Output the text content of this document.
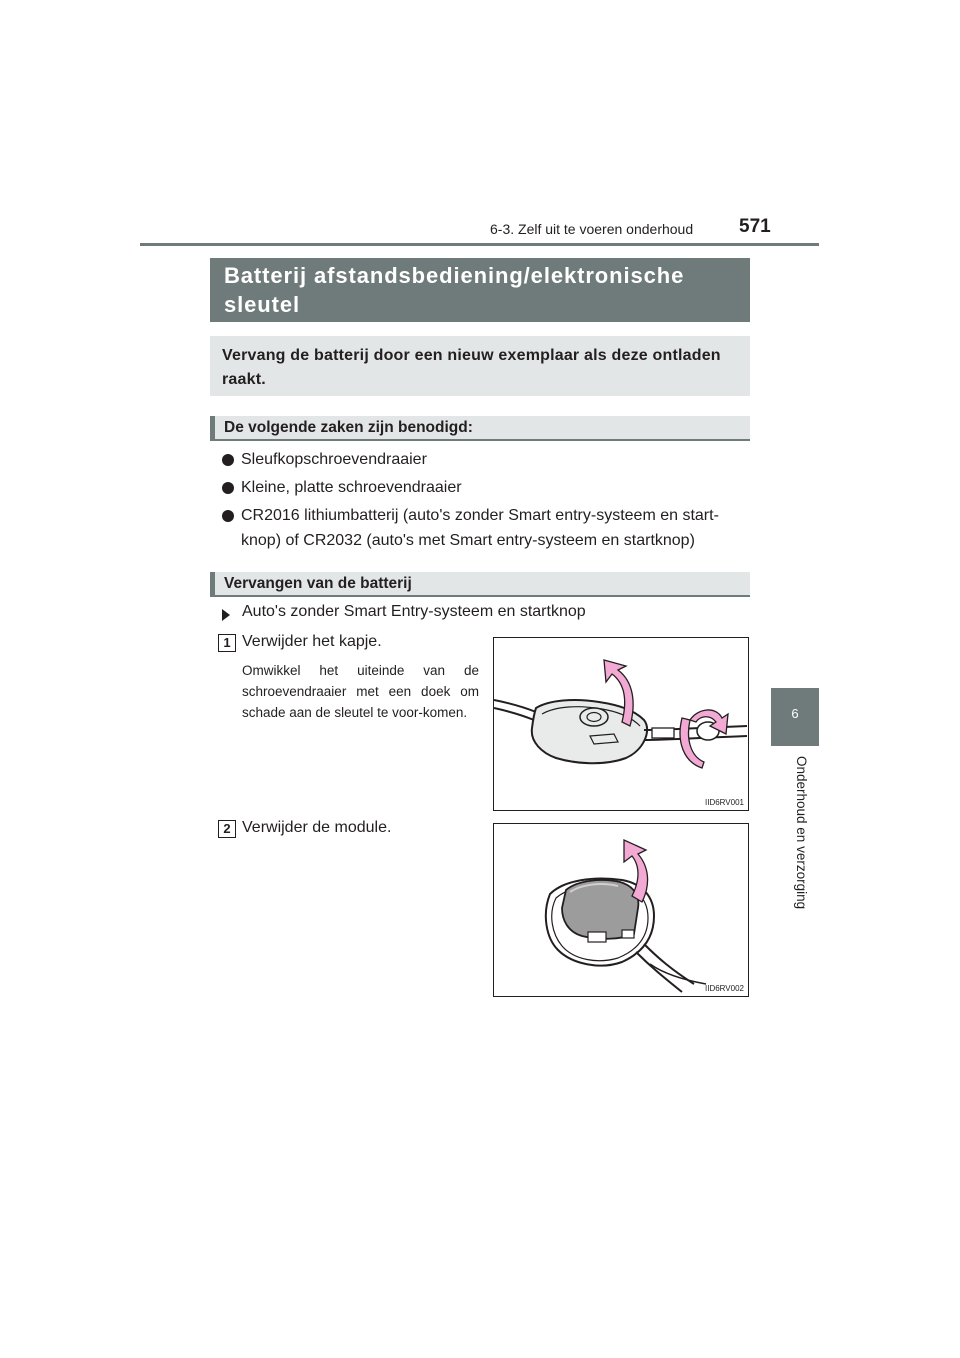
6-3. Zelf uit te voeren onderhoud 571
6
Onderhoud en verzorging
Batterij afstandsbediening/elektronische sleutel
Vervang de batterij door een nieuw exemplaar als deze ontladen raakt.
De volgende zaken zijn benodigd:
Sleufkopschroevendraaier
Kleine, platte schroevendraaier
CR2016 lithiumbatterij (auto's zonder Smart entry-systeem en start-knop) of CR2032 (auto's met Smart entry-systeem en startknop)
Vervangen van de batterij
Auto's zonder Smart Entry-systeem en startknop
1 Verwijder het kapje.
Omwikkel het uiteinde van de schroevendraaier met een doek om schade aan de sleutel te voor-komen.
IID6RV001
2 Verwijder de module.
IID6RV002
